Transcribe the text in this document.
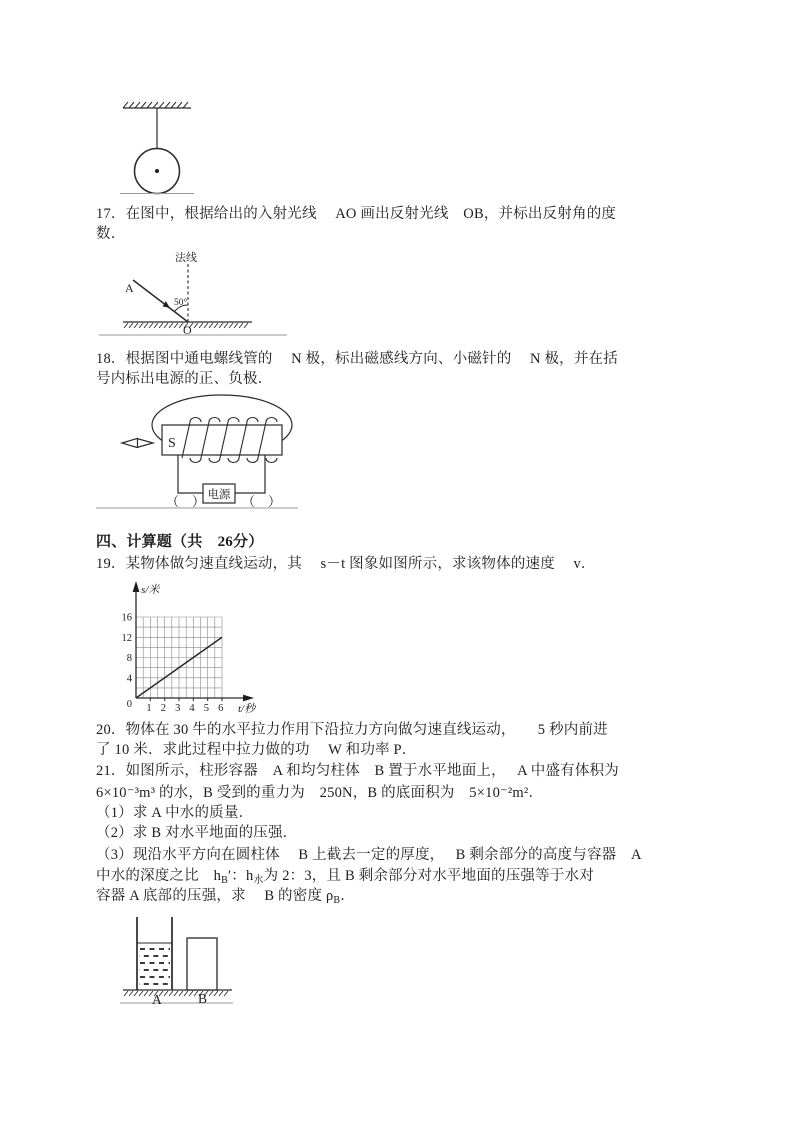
17．在图中，根据给出的入射光线　 AO 画出反射光线　OB，并标出反射角的度
数．
法线
A
50°
O
18．根据图中通电螺线管的　 N 极，标出磁感线方向、小磁针的　 N 极，并在括
号内标出电源的正、负极．
S
电源
（　）	（　）
四、计算题（共　26分）
19．某物体做匀速直线运动，其　 s－t 图象如图所示，求该物体的速度　 v．
s/米
t/秒
0
16
12
8
4
1 2 3 4 5 6
20．物体在 30 牛的水平拉力作用下沿拉力方向做匀速直线运动，　　5 秒内前进
了 10 米．求此过程中拉力做的功　 W 和功率 P．
21．如图所示，柱形容器　A 和均匀柱体　B 置于水平地面上，　 A 中盛有体积为
6×10⁻³m³ 的水，B 受到的重力为　250N，B 的底面积为　5×10⁻²m²．
（1）求 A 中水的质量．
（2）求 B 对水平地面的压强．
（3）现沿水平方向在圆柱体　 B 上截去一定的厚度，　 B 剩余部分的高度与容器　A
中水的深度之比　$h_B'$：$h_水$为 2：3，且 B 剩余部分对水平地面的压强等于水对
容器 A 底部的压强，求　 B 的密度 $\rho_B$．
A	B
